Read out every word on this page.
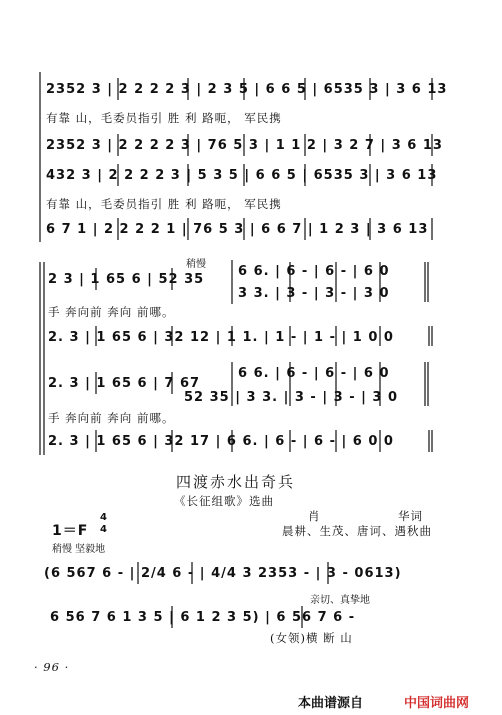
2352 3 | 2 2 2 2 3 | 2 3 5 | 6 6 5 | 6535 3 | 3 6 13
有靠 山，毛委员指引 胜 利 路呃， 军民携
2352 3 | 2 2 2 2 3 | 76 5 3 | 1 1 2 | 3 2 7 | 3 6 13
432 3 | 2 2 2 2 3 | 5 3 5 | 6 6 5 | 6535 3 | 3 6 13
有靠 山，毛委员指引 胜 利 路呃， 军民携
6 7 1 | 2 2 2 2 1 | 76 5 3 | 6 6 7 | 1 2 3 | 3 6 13
稍慢
2 3 | 1 65 6 | 52 35
6 6. | 6 - | 6 - | 6 0
3 3. | 3 - | 3 - | 3 0
手 奔向前 奔向 前哪。
2. 3 | 1 65 6 | 32 12 | 1 1. | 1 - | 1 - | 1 0 0
2. 3 | 1 65 6 | 7 67
6 6. | 6 - | 6 - | 6 0
52 35 | 3 3. | 3 - | 3 - | 3 0
手 奔向前 奔向 前哪。
2. 3 | 1 65 6 | 32 17 | 6 6. | 6 - | 6 - | 6 0 0
四渡赤水出奇兵
《长征组歌》选曲
肖	华词
晨耕、生茂、唐诃、遇秋曲
1＝F
4
4
稍慢 坚毅地
(6 567 6 - | 2/4 6 - | 4/4 3 2353 - | 3 - 0613)
亲切、真挚地
6 56 7 6 1 3 5 | 6 1 2 3 5) | 6 56 7 6 -
(女领)横 断 山
· 96 ·
本曲谱源自	中国词曲网
